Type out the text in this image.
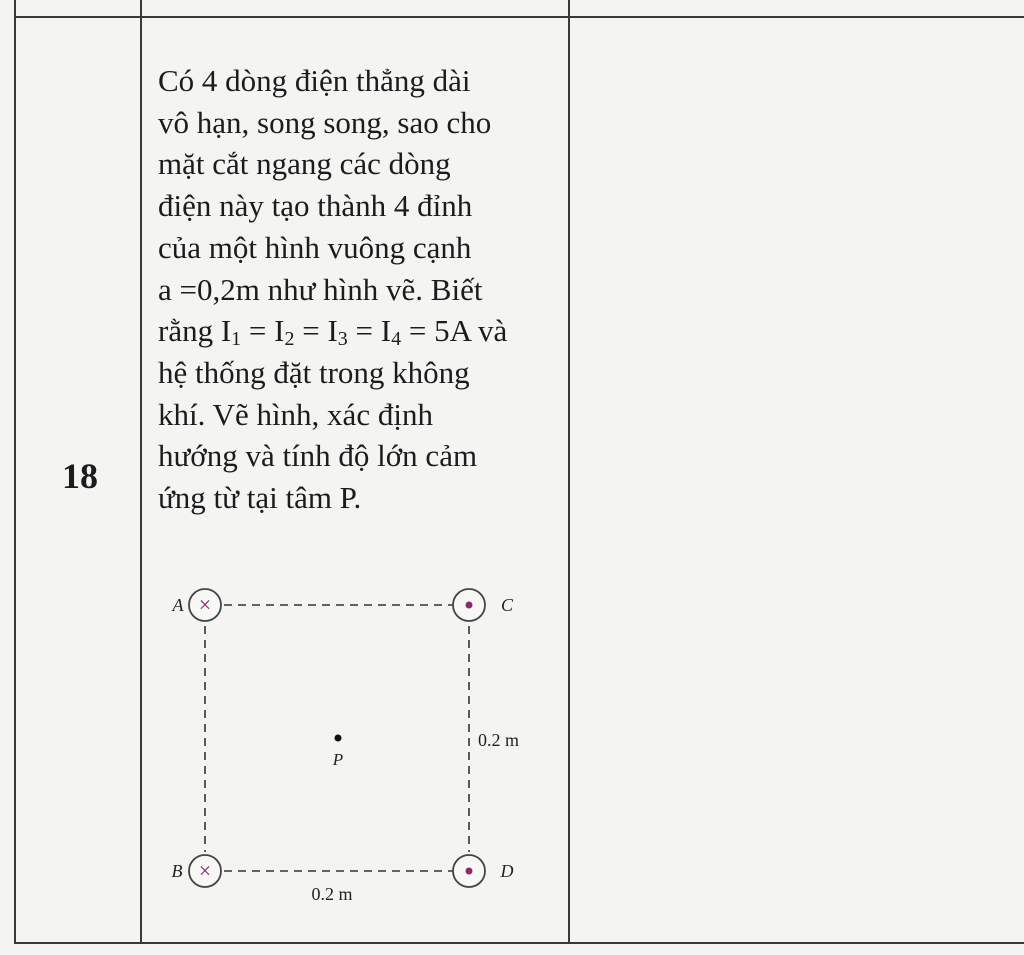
18
Có 4 dòng điện thẳng dài
vô hạn, song song, sao cho
mặt cắt ngang các dòng
điện này tạo thành 4 đỉnh
của một hình vuông cạnh
a =0,2m như hình vẽ. Biết
rằng $I_1 = I_2 = I_3 = I_4 = 5A$ và
hệ thống đặt trong không
khí. Vẽ hình, xác định
hướng và tính độ lớn cảm
ứng từ tại tâm P.
×
×
P
A
B
C
D
0.2 m
0.2 m
